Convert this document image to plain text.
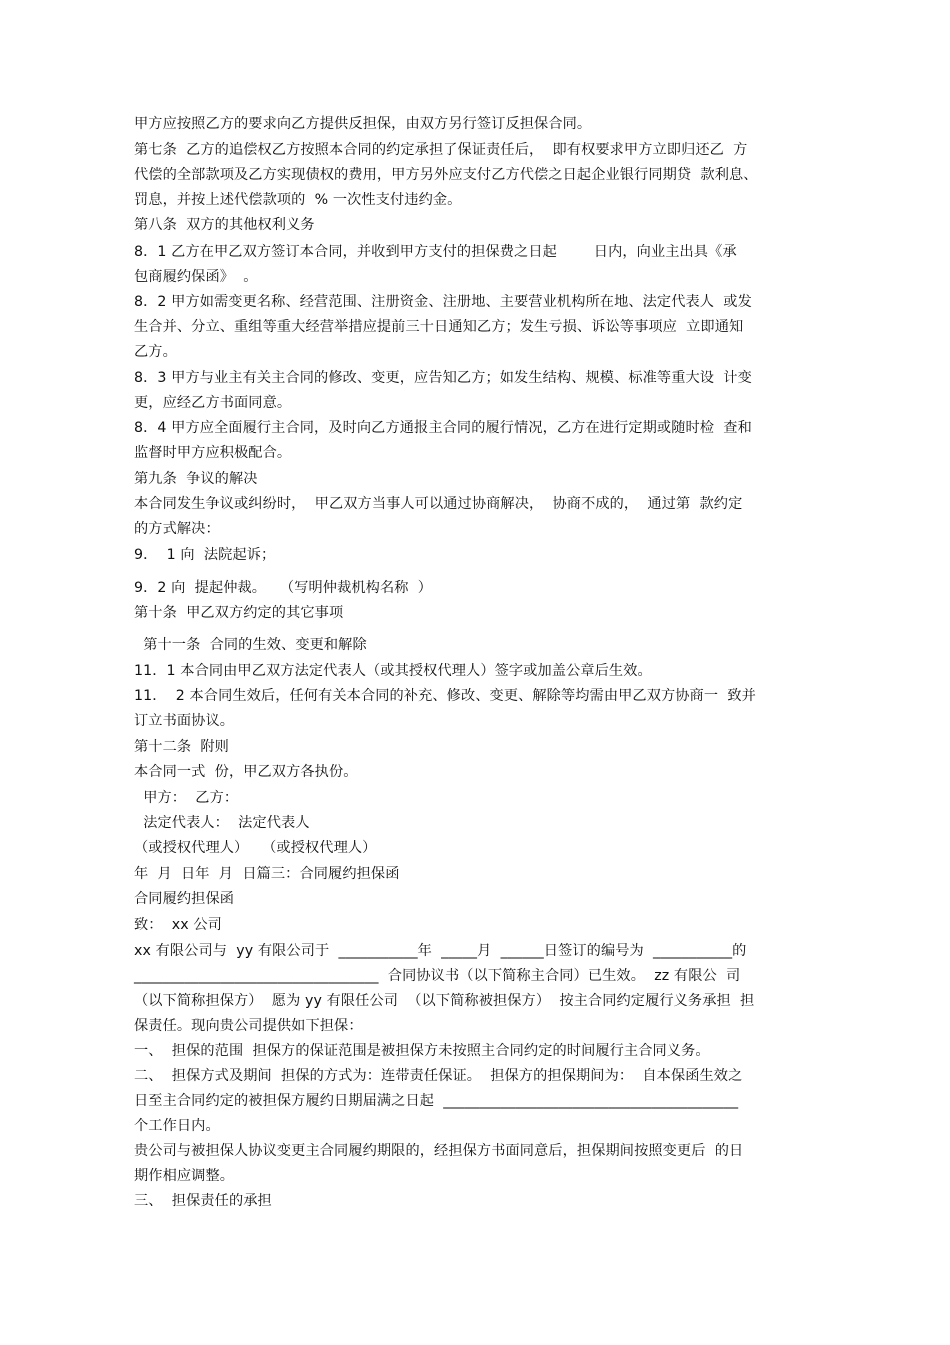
甲方应按照乙方的要求向乙方提供反担保，由双方另行签订反担保合同。
第七条  乙方的追偿权乙方按照本合同的约定承担了保证责任后，  即有权要求甲方立即归还乙  方
代偿的全部款项及乙方实现债权的费用，甲方另外应支付乙方代偿之日起企业银行同期贷  款利息、
罚息，并按上述代偿款项的  % 一次性支付违约金。
第八条  双方的其他权利义务
8．1 乙方在甲乙双方签订本合同，并收到甲方支付的担保费之日起        日内，向业主出具《承
包商履约保函》  。
8．2 甲方如需变更名称、经营范围、注册资金、注册地、主要营业机构所在地、法定代表人  或发
生合并、分立、重组等重大经营举措应提前三十日通知乙方；发生亏损、诉讼等事项应  立即通知
乙方。
8．3 甲方与业主有关主合同的修改、变更，应告知乙方；如发生结构、规模、标准等重大设  计变
更，应经乙方书面同意。
8．4 甲方应全面履行主合同，及时向乙方通报主合同的履行情况，乙方在进行定期或随时检  查和
监督时甲方应积极配合。
第九条  争议的解决
本合同发生争议或纠纷时，  甲乙双方当事人可以通过协商解决，  协商不成的，  通过第  款约定
的方式解决：
9．  1 向  法院起诉；
9．2 向  提起仲裁。   （写明仲裁机构名称  ）
第十条  甲乙双方约定的其它事项
第十一条  合同的生效、变更和解除
11．1 本合同由甲乙双方法定代表人（或其授权代理人）签字或加盖公章后生效。
11．  2 本合同生效后，任何有关本合同的补充、修改、变更、解除等均需由甲乙双方协商一  致并
订立书面协议。
第十二条  附则
本合同一式  份，甲乙双方各执份。
甲方：  乙方：
法定代表人：  法定代表人
（或授权代理人）   （或授权代理人）
年  月  日年  月  日篇三：合同履约担保函
合同履约担保函
致：  xx 公司
xx 有限公司与  yy 有限公司于  ___________年  _____月  ______日签订的编号为  ___________的
__________________________________  合同协议书（以下简称主合同）已生效。  zz 有限公  司
（以下简称担保方）  愿为 yy 有限任公司  （以下简称被担保方）  按主合同约定履行义务承担  担
保责任。现向贵公司提供如下担保：
一、  担保的范围  担保方的保证范围是被担保方未按照主合同约定的时间履行主合同义务。
二、  担保方式及期间  担保的方式为：连带责任保证。  担保方的担保期间为：  自本保函生效之
日至主合同约定的被担保方履约日期届满之日起  _________________________________________
个工作日内。
贵公司与被担保人协议变更主合同履约期限的，经担保方书面同意后，担保期间按照变更后  的日
期作相应调整。
三、  担保责任的承担
